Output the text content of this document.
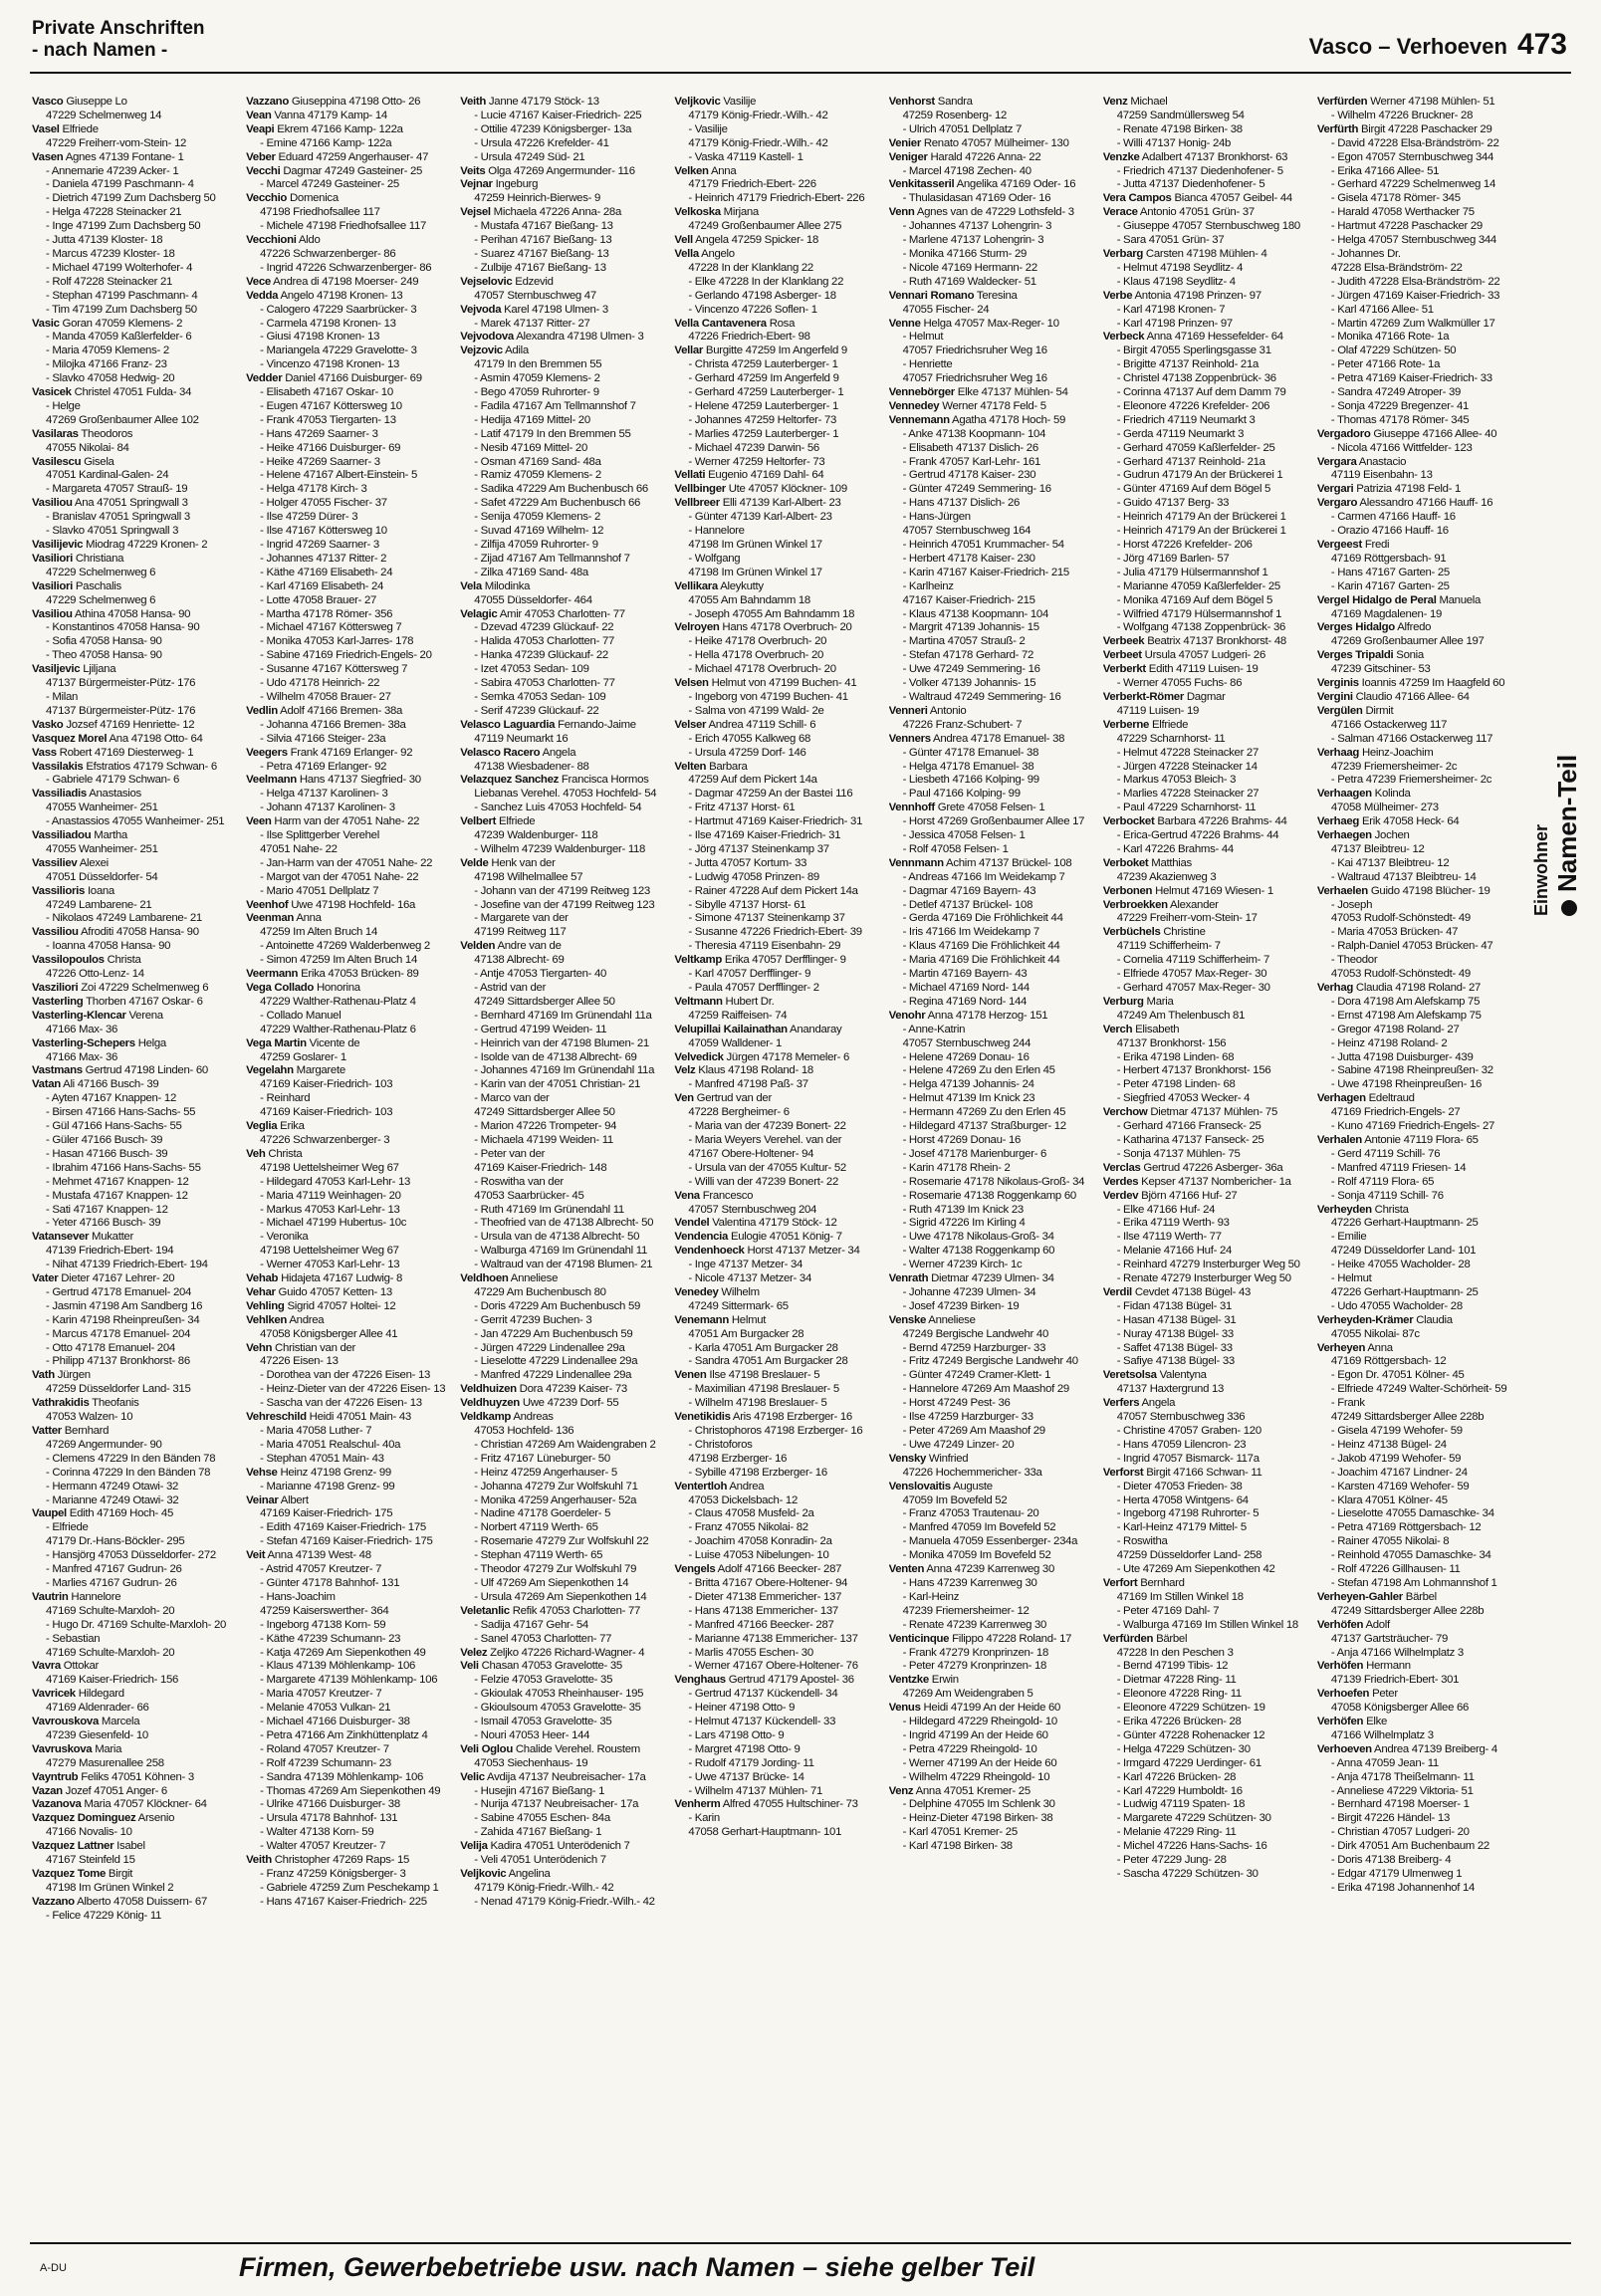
Private Anschriften
- nach Namen -	Vasco – Verhoeven 473
Vasco Giuseppe Lo
47229 Schelmenweg 14
Vasel Elfriede
47229 Freiherr-vom-Stein- 12
Vasen Agnes 47139 Fontane- 1
- Annemarie 47239 Acker- 1
- Daniela 47199 Paschmann- 4
- Dietrich 47199 Zum Dachsberg 50
- Helga 47228 Steinacker 21
- Inge 47199 Zum Dachsberg 50
- Jutta 47139 Kloster- 18
- Marcus 47239 Kloster- 18
- Michael 47199 Wolterhofer- 4
- Rolf 47228 Steinacker 21
- Stephan 47199 Paschmann- 4
- Tim 47199 Zum Dachsberg 50
Vasic Goran 47059 Klemens- 2
- Manda 47059 Kaßlerfelder- 6
- Maria 47059 Klemens- 2
- Milojka 47166 Franz- 23
- Slavko 47058 Hedwig- 20
Vasicek Christel 47051 Fulda- 34
- Helge
47269 Großenbaumer Allee 102
Vasilaras Theodoros
47055 Nikolai- 84
Vasilescu Gisela
47051 Kardinal-Galen- 24
- Margareta 47057 Strauß- 19
Vasiliou Ana 47051 Springwall 3
- Branislav 47051 Springwall 3
- Slavko 47051 Springwall 3
Vasilijevic Miodrag 47229 Kronen- 2
Vasiliori Christiana
47229 Schelmenweg 6
Vasiliori Paschalis
47229 Schelmenweg 6
Vasiliou Athina 47058 Hansa- 90
- Konstantinos 47058 Hansa- 90
- Sofia 47058 Hansa- 90
- Theo 47058 Hansa- 90
Vasiljevic Ljiljana
47137 Bürgermeister-Pütz- 176
- Milan
47137 Bürgermeister-Pütz- 176
Vasko Jozsef 47169 Henriette- 12
Vasquez Morel Ana 47198 Otto- 64
Vass Robert 47169 Diesterweg- 1
Vassilakis Efstratios 47179 Schwan- 6
- Gabriele 47179 Schwan- 6
Vassiliadis Anastasios
47055 Wanheimer- 251
- Anastassios 47055 Wanheimer- 251
Vassiliadou Martha
47055 Wanheimer- 251
Vassiliev Alexei
47051 Düsseldorfer- 54
Vassilioris Ioana
47249 Lambarene- 21
- Nikolaos 47249 Lambarene- 21
Vassiliou Afroditi 47058 Hansa- 90
- Ioanna 47058 Hansa- 90
Vassilopoulos Christa
47226 Otto-Lenz- 14
Vasziliori Zoi 47229 Schelmenweg 6
Vasterling Thorben 47167 Oskar- 6
Vasterling-Klencar Verena
47166 Max- 36
Vasterling-Schepers Helga
47166 Max- 36
Vastmans Gertrud 47198 Linden- 60
Vatan Ali 47166 Busch- 39
- Ayten 47167 Knappen- 12
- Birsen 47166 Hans-Sachs- 55
- Gül 47166 Hans-Sachs- 55
- Güler 47166 Busch- 39
- Hasan 47166 Busch- 39
- Ibrahim 47166 Hans-Sachs- 55
- Mehmet 47167 Knappen- 12
- Mustafa 47167 Knappen- 12
- Sati 47167 Knappen- 12
- Yeter 47166 Busch- 39
Vatansever Mukatter
47139 Friedrich-Ebert- 194
- Nihat 47139 Friedrich-Ebert- 194
Vater Dieter 47167 Lehrer- 20
- Gertrud 47178 Emanuel- 204
- Jasmin 47198 Am Sandberg 16
- Karin 47198 Rheinpreußen- 34
- Marcus 47178 Emanuel- 204
- Otto 47178 Emanuel- 204
- Philipp 47137 Bronkhorst- 86
Vath Jürgen
47259 Düsseldorfer Land- 315
Vathrakidis Theofanis
47053 Walzen- 10
Vatter Bernhard
47269 Angermunder- 90
- Clemens 47229 In den Bänden 78
- Corinna 47229 In den Bänden 78
- Hermann 47249 Otawi- 32
- Marianne 47249 Otawi- 32
Vaupel Edith 47169 Hoch- 45
- Elfriede
47179 Dr.-Hans-Böckler- 295
- Hansjörg 47053 Düsseldorfer- 272
- Manfred 47167 Gudrun- 26
- Marlies 47167 Gudrun- 26
Vautrin Hannelore
47169 Schulte-Marxloh- 20
- Hugo Dr. 47169 Schulte-Marxloh- 20
- Sebastian
47169 Schulte-Marxloh- 20
Vavra Ottokar
47169 Kaiser-Friedrich- 156
Vavricek Hildegard
47169 Aldenrader- 66
Vavrouskova Marcela
47239 Giesenfeld- 10
Vavruskova Maria
47279 Masurenallee 258
Vayntrub Feliks 47051 Köhnen- 3
Vazan Jozef 47051 Anger- 6
Vazanova Maria 47057 Klöckner- 64
Vazquez Dominguez Arsenio
47166 Novalis- 10
Vazquez Lattner Isabel
47167 Steinfeld 15
Vazquez Tome Birgit
47198 Im Grünen Winkel 2
Vazzano Alberto 47058 Duissern- 67
- Felice 47229 König- 11
Vazzano Giuseppina 47198 Otto- 26
Vean Vanna 47179 Kamp- 14
Veapi Ekrem 47166 Kamp- 122a
- Emine 47166 Kamp- 122a
Veber Eduard 47259 Angerhauser- 47
Vecchi Dagmar 47249 Gasteiner- 25
- Marcel 47249 Gasteiner- 25
Vecchio Domenica
47198 Friedhofsallee 117
- Michele 47198 Friedhofsallee 117
Vecchioni Aldo
47226 Schwarzenberger- 86
- Ingrid 47226 Schwarzenberger- 86
Vece Andrea di 47198 Moerser- 249
Vedda Angelo 47198 Kronen- 13
- Calogero 47229 Saarbrücker- 3
- Carmela 47198 Kronen- 13
- Giusi 47198 Kronen- 13
- Mariangela 47229 Gravelotte- 3
- Vincenzo 47198 Kronen- 13
Vedder Daniel 47166 Duisburger- 69
- Elisabeth 47167 Oskar- 10
- Eugen 47167 Köttersweg 10
- Frank 47053 Tiergarten- 13
- Hans 47269 Saarner- 3
- Heike 47166 Duisburger- 69
- Heike 47269 Saarner- 3
- Helene 47167 Albert-Einstein- 5
- Helga 47178 Kirch- 3
- Holger 47055 Fischer- 37
- Ilse 47259 Dürer- 3
- Ilse 47167 Köttersweg 10
- Ingrid 47269 Saarner- 3
- Johannes 47137 Ritter- 2
- Käthe 47169 Elisabeth- 24
- Karl 47169 Elisabeth- 24
- Lotte 47058 Brauer- 27
- Martha 47178 Römer- 356
- Michael 47167 Köttersweg 7
- Monika 47053 Karl-Jarres- 178
- Sabine 47169 Friedrich-Engels- 20
- Susanne 47167 Köttersweg 7
- Udo 47178 Heinrich- 22
- Wilhelm 47058 Brauer- 27
Vedlin Adolf 47166 Bremen- 38a
- Johanna 47166 Bremen- 38a
- Silvia 47166 Steiger- 23a
Veegers Frank 47169 Erlanger- 92
- Petra 47169 Erlanger- 92
Veelmann Hans 47137 Siegfried- 30
- Helga 47137 Karolinen- 3
- Johann 47137 Karolinen- 3
Veen Harm van der 47051 Nahe- 22
- Ilse Splittgerber Verehel
47051 Nahe- 22
- Jan-Harm van der 47051 Nahe- 22
- Margot van der 47051 Nahe- 22
- Mario 47051 Dellplatz 7
Veenhof Uwe 47198 Hochfeld- 16a
Veenman Anna
47259 Im Alten Bruch 14
- Antoinette 47269 Walderbenweg 2
- Simon 47259 Im Alten Bruch 14
Veermann Erika 47053 Brücken- 89
Vega Collado Honorina
47229 Walther-Rathenau-Platz 4
- Collado Manuel
47229 Walther-Rathenau-Platz 6
Vega Martin Vicente de
47259 Goslarer- 1
Vegelahn Margarete
47169 Kaiser-Friedrich- 103
- Reinhard
47169 Kaiser-Friedrich- 103
Veglia Erika
47226 Schwarzenberger- 3
Veh Christa
47198 Uettelsheimer Weg 67
- Hildegard 47053 Karl-Lehr- 13
- Maria 47119 Weinhagen- 20
- Markus 47053 Karl-Lehr- 13
- Michael 47199 Hubertus- 10c
- Veronika
47198 Uettelsheimer Weg 67
- Werner 47053 Karl-Lehr- 13
Vehab Hidajeta 47167 Ludwig- 8
Vehar Guido 47057 Ketten- 13
Vehling Sigrid 47057 Holtei- 12
Vehlken Andrea
47058 Königsberger Allee 41
Vehn Christian van der
47226 Eisen- 13
- Dorothea van der 47226 Eisen- 13
- Heinz-Dieter van der 47226 Eisen- 13
- Sascha van der 47226 Eisen- 13
Vehreschild Heidi 47051 Main- 43
- Maria 47058 Luther- 7
- Maria 47051 Realschul- 40a
- Stephan 47051 Main- 43
Vehse Heinz 47198 Grenz- 99
- Marianne 47198 Grenz- 99
Veinar Albert
47169 Kaiser-Friedrich- 175
- Edith 47169 Kaiser-Friedrich- 175
- Stefan 47169 Kaiser-Friedrich- 175
Veit Anna 47139 West- 48
- Astrid 47057 Kreutzer- 7
- Günter 47178 Bahnhof- 131
- Hans-Joachim
47259 Kaiserswerther- 364
- Ingeborg 47138 Korn- 59
- Käthe 47239 Schumann- 23
- Katja 47269 Am Siepenkothen 49
- Klaus 47139 Möhlenkamp- 106
- Margarete 47139 Möhlenkamp- 106
- Maria 47057 Kreutzer- 7
- Melanie 47053 Vulkan- 21
- Michael 47166 Duisburger- 38
- Petra 47166 Am Zinkhüttenplatz 4
- Roland 47057 Kreutzer- 7
- Rolf 47239 Schumann- 23
- Sandra 47139 Möhlenkamp- 106
- Thomas 47269 Am Siepenkothen 49
- Ulrike 47166 Duisburger- 38
- Ursula 47178 Bahnhof- 131
- Walter 47138 Korn- 59
- Walter 47057 Kreutzer- 7
Veith Christopher 47269 Raps- 15
- Franz 47259 Königsberger- 3
- Gabriele 47259 Zum Peschekamp 1
- Hans 47167 Kaiser-Friedrich- 225
Veith Janne 47179 Stöck- 13
- Lucie 47167 Kaiser-Friedrich- 225
- Ottilie 47239 Königsberger- 13a
- Ursula 47226 Krefelder- 41
- Ursula 47249 Süd- 21
Veits Olga 47269 Angermunder- 116
Vejnar Ingeburg
47259 Heinrich-Bierwes- 9
Vejsel Michaela 47226 Anna- 28a
- Mustafa 47167 Bießang- 13
- Perihan 47167 Bießang- 13
- Suarez 47167 Bießang- 13
- Zulbije 47167 Bießang- 13
Vejselovic Edzevid
47057 Sternbuschweg 47
Vejvoda Karel 47198 Ulmen- 3
- Marek 47137 Ritter- 27
Vejvodova Alexandra 47198 Ulmen- 3
Vejzovic Adila
47179 In den Bremmen 55
- Asmin 47059 Klemens- 2
- Bego 47059 Ruhrorter- 9
- Fadila 47167 Am Tellmannshof 7
- Hedija 47169 Mittel- 20
- Latif 47179 In den Bremmen 55
- Nesib 47169 Mittel- 20
- Osman 47169 Sand- 48a
- Ramiz 47059 Klemens- 2
- Sadika 47229 Am Buchenbusch 66
- Safet 47229 Am Buchenbusch 66
- Senija 47059 Klemens- 2
- Suvad 47169 Wilhelm- 12
- Zilfija 47059 Ruhrorter- 9
- Zijad 47167 Am Tellmannshof 7
- Zilka 47169 Sand- 48a
Vela Milodinka
47055 Düsseldorfer- 464
Velagic Amir 47053 Charlotten- 77
- Dzevad 47239 Glückauf- 22
- Halida 47053 Charlotten- 77
- Hanka 47239 Glückauf- 22
- Izet 47053 Sedan- 109
- Sabira 47053 Charlotten- 77
- Semka 47053 Sedan- 109
- Serif 47239 Glückauf- 22
Velasco Laguardia Fernando-Jaime
47119 Neumarkt 16
Velasco Racero Angela
47138 Wiesbadener- 88
Velazquez Sanchez Francisca Hormos
Liebanas Verehel. 47053 Hochfeld- 54
- Sanchez Luis 47053 Hochfeld- 54
Velbert Elfriede
47239 Waldenburger- 118
- Wilhelm 47239 Waldenburger- 118
Velde Henk van der
47198 Wilhelmallee 57
- Johann van der 47199 Reitweg 123
- Josefine van der 47199 Reitweg 123
- Margarete van der
47199 Reitweg 117
Velden Andre van de
47138 Albrecht- 69
- Antje 47053 Tiergarten- 40
- Astrid van der
47249 Sittardsberger Allee 50
- Bernhard 47169 Im Grünendahl 11a
- Gertrud 47199 Weiden- 11
- Heinrich van der 47198 Blumen- 21
- Isolde van de 47138 Albrecht- 69
- Johannes 47169 Im Grünendahl 11a
- Karin van der 47051 Christian- 21
- Marco van der
47249 Sittardsberger Allee 50
- Marion 47226 Trompeter- 94
- Michaela 47199 Weiden- 11
- Peter van der
47169 Kaiser-Friedrich- 148
- Roswitha van der
47053 Saarbrücker- 45
- Ruth 47169 Im Grünendahl 11
- Theofried van de 47138 Albrecht- 50
- Ursula van de 47138 Albrecht- 50
- Walburga 47169 Im Grünendahl 11
- Waltraud van der 47198 Blumen- 21
Veldhoen Anneliese
47229 Am Buchenbusch 80
- Doris 47229 Am Buchenbusch 59
- Gerrit 47239 Buchen- 3
- Jan 47229 Am Buchenbusch 59
- Jürgen 47229 Lindenallee 29a
- Lieselotte 47229 Lindenallee 29a
- Manfred 47229 Lindenallee 29a
Veldhuizen Dora 47239 Kaiser- 73
Veldhuyzen Uwe 47239 Dorf- 55
Veldkamp Andreas
47053 Hochfeld- 136
- Christian 47269 Am Waidengraben 2
- Fritz 47167 Lüneburger- 50
- Heinz 47259 Angerhauser- 5
- Johanna 47279 Zur Wolfskuhl 71
- Monika 47259 Angerhauser- 52a
- Nadine 47178 Goerdeler- 5
- Norbert 47119 Werth- 65
- Rosemarie 47279 Zur Wolfskuhl 22
- Stephan 47119 Werth- 65
- Theodor 47279 Zur Wolfskuhl 79
- Ulf 47269 Am Siepenkothen 14
- Ursula 47269 Am Siepenkothen 14
Veletanlic Refik 47053 Charlotten- 77
- Sadija 47167 Gehr- 54
- Sanel 47053 Charlotten- 77
Velez Zeljko 47226 Richard-Wagner- 4
Veli Chasan 47053 Gravelotte- 35
- Felzie 47053 Gravelotte- 35
- Gkioulak 47053 Rheinhauser- 195
- Gkioulsoum 47053 Gravelotte- 35
- Ismail 47053 Gravelotte- 35
- Nouri 47053 Heer- 144
Veli Oglou Chalide Verehel. Roustem
47053 Siechenhaus- 19
Velic Avdija 47137 Neubreisacher- 17a
- Husejin 47167 Bießang- 1
- Nurija 47137 Neubreisacher- 17a
- Sabine 47055 Eschen- 84a
- Zahida 47167 Bießang- 1
Velija Kadira 47051 Unterödenich 7
- Veli 47051 Unterödenich 7
Veljkovic Angelina
47179 König-Friedr.-Wilh.- 42
- Nenad 47179 König-Friedr.-Wilh.- 42
Veljkovic Vasilije
47179 König-Friedr.-Wilh.- 42
- Vasilije
47179 König-Friedr.-Wilh.- 42
- Vaska 47119 Kastell- 1
Velken Anna
47179 Friedrich-Ebert- 226
- Heinrich 47179 Friedrich-Ebert- 226
Velkoska Mirjana
47249 Großenbaumer Allee 275
Vell Angela 47259 Spicker- 18
Vella Angelo
47228 In der Klanklang 22
- Elke 47228 In der Klanklang 22
- Gerlando 47198 Asberger- 18
- Vincenzo 47226 Soflen- 1
Vella Cantavenera Rosa
47226 Friedrich-Ebert- 98
Vellar Burgitte 47259 Im Angerfeld 9
- Christa 47259 Lauterberger- 1
- Gerhard 47259 Im Angerfeld 9
- Gerhard 47259 Lauterberger- 1
- Helene 47259 Lauterberger- 1
- Johannes 47259 Heltorfer- 73
- Marlies 47259 Lauterberger- 1
- Michael 47239 Darwin- 56
- Werner 47259 Heltorfer- 73
Vellati Eugenio 47169 Dahl- 64
Vellbinger Ute 47057 Klöckner- 109
Vellbreer Elli 47139 Karl-Albert- 23
- Günter 47139 Karl-Albert- 23
- Hannelore
47198 Im Grünen Winkel 17
- Wolfgang
47198 Im Grünen Winkel 17
Vellikara Aleykutty
47055 Am Bahndamm 18
- Joseph 47055 Am Bahndamm 18
Velroyen Hans 47178 Overbruch- 20
- Heike 47178 Overbruch- 20
- Hella 47178 Overbruch- 20
- Michael 47178 Overbruch- 20
Velsen Helmut von 47199 Buchen- 41
- Ingeborg von 47199 Buchen- 41
- Salma von 47199 Wald- 2e
Velser Andrea 47119 Schill- 6
- Erich 47055 Kalkweg 68
- Ursula 47259 Dorf- 146
Velten Barbara
47259 Auf dem Pickert 14a
- Dagmar 47259 An der Bastei 116
- Fritz 47137 Horst- 61
- Hartmut 47169 Kaiser-Friedrich- 31
- Ilse 47169 Kaiser-Friedrich- 31
- Jörg 47137 Steinenkamp 37
- Jutta 47057 Kortum- 33
- Ludwig 47058 Prinzen- 89
- Rainer 47228 Auf dem Pickert 14a
- Sibylle 47137 Horst- 61
- Simone 47137 Steinenkamp 37
- Susanne 47226 Friedrich-Ebert- 39
- Theresia 47119 Eisenbahn- 29
Veltkamp Erika 47057 Derfflinger- 9
- Karl 47057 Derfflinger- 9
- Paula 47057 Derfflinger- 2
Veltmann Hubert Dr.
47259 Raiffeisen- 74
Velupillai Kailainathan Anandaray
47059 Walldener- 1
Velvedick Jürgen 47178 Memeler- 6
Velz Klaus 47198 Roland- 18
- Manfred 47198 Paß- 37
Ven Gertrud van der
47228 Bergheimer- 6
- Maria van der 47239 Bonert- 22
- Maria Weyers Verehel. van der
47167 Obere-Holtener- 94
- Ursula van der 47055 Kultur- 52
- Willi van der 47239 Bonert- 22
Vena Francesco
47057 Sternbuschweg 204
Vendel Valentina 47179 Stöck- 12
Vendencia Eulogie 47051 König- 7
Vendenhoeck Horst 47137 Metzer- 34
- Inge 47137 Metzer- 34
- Nicole 47137 Metzer- 34
Venedey Wilhelm
47249 Sittermark- 65
Venemann Helmut
47051 Am Burgacker 28
- Karla 47051 Am Burgacker 28
- Sandra 47051 Am Burgacker 28
Venen Ilse 47198 Breslauer- 5
- Maximilian 47198 Breslauer- 5
- Wilhelm 47198 Breslauer- 5
Venetikidis Aris 47198 Erzberger- 16
- Christophoros 47198 Erzberger- 16
- Christoforos
47198 Erzberger- 16
- Sybille 47198 Erzberger- 16
Ventertloh Andrea
47053 Dickelsbach- 12
- Claus 47058 Musfeld- 2a
- Franz 47055 Nikolai- 82
- Joachim 47058 Konradin- 2a
- Luise 47053 Nibelungen- 10
Vengels Adolf 47166 Beecker- 287
- Britta 47167 Obere-Holtener- 94
- Dieter 47138 Emmericher- 137
- Hans 47138 Emmericher- 137
- Manfred 47166 Beecker- 287
- Marianne 47138 Emmericher- 137
- Marlis 47055 Eschen- 30
- Werner 47167 Obere-Holtener- 76
Venghaus Gertrud 47179 Apostel- 36
- Gertrud 47137 Kückendell- 34
- Heiner 47198 Otto- 9
- Helmut 47137 Kückendell- 33
- Lars 47198 Otto- 9
- Margret 47198 Otto- 9
- Rudolf 47179 Jording- 11
- Uwe 47137 Brücke- 14
- Wilhelm 47137 Mühlen- 71
Venherm Alfred 47055 Hultschiner- 73
- Karin
47058 Gerhart-Hauptmann- 101
Venhorst Sandra
47259 Rosenberg- 12
- Ulrich 47051 Dellplatz 7
Venier Renato 47057 Mülheimer- 130
Veniger Harald 47226 Anna- 22
- Marcel 47198 Zechen- 40
Venkitasseril Angelika 47169 Oder- 16
- Thulasidasan 47169 Oder- 16
Venn Agnes van de 47229 Lothsfeld- 3
- Johannes 47137 Lohengrin- 3
- Marlene 47137 Lohengrin- 3
- Monika 47166 Sturm- 29
- Nicole 47169 Hermann- 22
- Ruth 47169 Waldecker- 51
Vennari Romano Teresina
47055 Fischer- 24
Venne Helga 47057 Max-Reger- 10
- Helmut
47057 Friedrichsruher Weg 16
- Henriette
47057 Friedrichsruher Weg 16
Vennebörger Elke 47137 Mühlen- 54
Vennedey Werner 47178 Feld- 5
Vennemann Agatha 47178 Hoch- 59
- Anke 47138 Koopmann- 104
- Elisabeth 47137 Dislich- 26
- Frank 47057 Karl-Lehr- 161
- Gertrud 47178 Kaiser- 230
- Günter 47249 Semmering- 16
- Hans 47137 Dislich- 26
- Hans-Jürgen
47057 Sternbuschweg 164
- Heinrich 47051 Krummacher- 54
- Herbert 47178 Kaiser- 230
- Karin 47167 Kaiser-Friedrich- 215
- Karlheinz
47167 Kaiser-Friedrich- 215
- Klaus 47138 Koopmann- 104
- Margrit 47139 Johannis- 15
- Martina 47057 Strauß- 2
- Stefan 47178 Gerhard- 72
- Uwe 47249 Semmering- 16
- Volker 47139 Johannis- 15
- Waltraud 47249 Semmering- 16
Venneri Antonio
47226 Franz-Schubert- 7
Venners Andrea 47178 Emanuel- 38
- Günter 47178 Emanuel- 38
- Helga 47178 Emanuel- 38
- Liesbeth 47166 Kolping- 99
- Paul 47166 Kolping- 99
Vennhoff Grete 47058 Felsen- 1
- Horst 47269 Großenbaumer Allee 17
- Jessica 47058 Felsen- 1
- Rolf 47058 Felsen- 1
Vennmann Achim 47137 Brückel- 108
- Andreas 47166 Im Weidekamp 7
- Dagmar 47169 Bayern- 43
- Detlef 47137 Brückel- 108
- Gerda 47169 Die Fröhlichkeit 44
- Iris 47166 Im Weidekamp 7
- Klaus 47169 Die Fröhlichkeit 44
- Maria 47169 Die Fröhlichkeit 44
- Martin 47169 Bayern- 43
- Michael 47169 Nord- 144
- Regina 47169 Nord- 144
Venohr Anna 47178 Herzog- 151
- Anne-Katrin
47057 Sternbuschweg 244
- Helene 47269 Donau- 16
- Helene 47269 Zu den Erlen 45
- Helga 47139 Johannis- 24
- Helmut 47139 Im Knick 23
- Hermann 47269 Zu den Erlen 45
- Hildegard 47137 Straßburger- 12
- Horst 47269 Donau- 16
- Josef 47178 Marienburger- 6
- Karin 47178 Rhein- 2
- Rosemarie 47178 Nikolaus-Groß- 34
- Rosemarie 47138 Roggenkamp 60
- Ruth 47139 Im Knick 23
- Sigrid 47226 Im Kirling 4
- Uwe 47178 Nikolaus-Groß- 34
- Walter 47138 Roggenkamp 60
- Werner 47239 Kirch- 1c
Venrath Dietmar 47239 Ulmen- 34
- Johanne 47239 Ulmen- 34
- Josef 47239 Birken- 19
Venske Anneliese
47249 Bergische Landwehr 40
- Bernd 47259 Harzburger- 33
- Fritz 47249 Bergische Landwehr 40
- Günter 47249 Cramer-Klett- 1
- Hannelore 47269 Am Maashof 29
- Horst 47249 Pest- 36
- Ilse 47259 Harzburger- 33
- Peter 47269 Am Maashof 29
- Uwe 47249 Linzer- 20
Vensky Winfried
47226 Hochemmericher- 33a
Venslovaitis Auguste
47059 Im Bovefeld 52
- Franz 47053 Trautenau- 20
- Manfred 47059 Im Bovefeld 52
- Manuela 47059 Essenberger- 234a
- Monika 47059 Im Bovefeld 52
Venten Anna 47239 Karrenweg 30
- Hans 47239 Karrenweg 30
- Karl-Heinz
47239 Friemersheimer- 12
- Renate 47239 Karrenweg 30
Venticinque Filippo 47228 Roland- 17
- Frank 47279 Kronprinzen- 18
- Peter 47279 Kronprinzen- 18
Ventzke Erwin
47269 Am Weidengraben 5
Venus Heidi 47199 An der Heide 60
- Hildegard 47229 Rheingold- 10
- Ingrid 47199 An der Heide 60
- Petra 47229 Rheingold- 10
- Werner 47199 An der Heide 60
- Wilhelm 47229 Rheingold- 10
Venz Anna 47051 Kremer- 25
- Delphine 47055 Im Schlenk 30
- Heinz-Dieter 47198 Birken- 38
- Karl 47051 Kremer- 25
- Karl 47198 Birken- 38
Venz Michael
47259 Sandmüllersweg 54
- Renate 47198 Birken- 38
- Willi 47137 Honig- 24b
Venzke Adalbert 47137 Bronkhorst- 63
- Friedrich 47137 Diedenhofener- 5
- Jutta 47137 Diedenhofener- 5
Vera Campos Bianca 47057 Geibel- 44
Verace Antonio 47051 Grün- 37
- Giuseppe 47057 Sternbuschweg 180
- Sara 47051 Grün- 37
Verbarg Carsten 47198 Mühlen- 4
- Helmut 47198 Seydlitz- 4
- Klaus 47198 Seydlitz- 4
Verbe Antonia 47198 Prinzen- 97
- Karl 47198 Kronen- 7
- Karl 47198 Prinzen- 97
Verbeck Anna 47169 Hessefelder- 64
- Birgit 47055 Sperlingsgasse 31
- Brigitte 47137 Reinhold- 21a
- Christel 47138 Zoppenbrück- 36
- Corinna 47137 Auf dem Damm 79
- Eleonore 47226 Krefelder- 206
- Friedrich 47119 Neumarkt 3
- Gerda 47119 Neumarkt 3
- Gerhard 47059 Kaßlerfelder- 25
- Gerhard 47137 Reinhold- 21a
- Gudrun 47179 An der Brückerei 1
- Günter 47169 Auf dem Bögel 5
- Guido 47137 Berg- 33
- Heinrich 47179 An der Brückerei 1
- Heinrich 47179 An der Brückerei 1
- Horst 47226 Krefelder- 206
- Jörg 47169 Barlen- 57
- Julia 47179 Hülsermannshof 1
- Marianne 47059 Kaßlerfelder- 25
- Monika 47169 Auf dem Bögel 5
- Wilfried 47179 Hülsermannshof 1
- Wolfgang 47138 Zoppenbrück- 36
Verbeek Beatrix 47137 Bronkhorst- 48
Verbeet Ursula 47057 Ludgeri- 26
Verberkt Edith 47119 Luisen- 19
- Werner 47055 Fuchs- 86
Verberkt-Römer Dagmar
47119 Luisen- 19
Verberne Elfriede
47229 Scharnhorst- 11
- Helmut 47228 Steinacker 27
- Jürgen 47228 Steinacker 14
- Markus 47053 Bleich- 3
- Marlies 47228 Steinacker 27
- Paul 47229 Scharnhorst- 11
Verbocket Barbara 47226 Brahms- 44
- Erica-Gertrud 47226 Brahms- 44
- Karl 47226 Brahms- 44
Verboket Matthias
47239 Akazienweg 3
Verbonen Helmut 47169 Wiesen- 1
Verbroekken Alexander
47229 Freiherr-vom-Stein- 17
Verbüchels Christine
47119 Schifferheim- 7
- Cornelia 47119 Schifferheim- 7
- Elfriede 47057 Max-Reger- 30
- Gerhard 47057 Max-Reger- 30
Verburg Maria
47249 Am Thelenbusch 81
Verch Elisabeth
47137 Bronkhorst- 156
- Erika 47198 Linden- 68
- Herbert 47137 Bronkhorst- 156
- Peter 47198 Linden- 68
- Siegfried 47053 Wecker- 4
Verchow Dietmar 47137 Mühlen- 75
- Gerhard 47166 Franseck- 25
- Katharina 47137 Fanseck- 25
- Sonja 47137 Mühlen- 75
Verclas Gertrud 47226 Asberger- 36a
Verdes Kepser 47137 Nombericher- 1a
Verdev Björn 47166 Huf- 27
- Elke 47166 Huf- 24
- Erika 47119 Werth- 93
- Ilse 47119 Werth- 77
- Melanie 47166 Huf- 24
- Reinhard 47279 Insterburger Weg 50
- Renate 47279 Insterburger Weg 50
Verdil Cevdet 47138 Bügel- 43
- Fidan 47138 Bügel- 31
- Hasan 47138 Bügel- 31
- Nuray 47138 Bügel- 33
- Saffet 47138 Bügel- 33
- Safiye 47138 Bügel- 33
Veretsolsa Valentyna
47137 Haxtergrund 13
Verfers Angela
47057 Sternbuschweg 336
- Christine 47057 Graben- 120
- Hans 47059 Lilencron- 23
- Ingrid 47057 Bismarck- 117a
Verforst Birgit 47166 Schwan- 11
- Dieter 47053 Frieden- 38
- Herta 47058 Wintgens- 64
- Ingeborg 47198 Ruhrorter- 5
- Karl-Heinz 47179 Mittel- 5
- Roswitha
47259 Düsseldorfer Land- 258
- Ute 47269 Am Siepenkothen 42
Verfort Bernhard
47169 Im Stillen Winkel 18
- Peter 47169 Dahl- 7
- Walburga 47169 Im Stillen Winkel 18
Verfürden Bärbel
47228 In den Peschen 3
- Bernd 47199 Tibis- 12
- Dietmar 47228 Ring- 11
- Eleonore 47228 Ring- 11
- Eleonore 47229 Schützen- 19
- Erika 47226 Brücken- 28
- Günter 47228 Rohenacker 12
- Helga 47229 Schützen- 30
- Irmgard 47229 Uerdinger- 61
- Karl 47226 Brücken- 28
- Karl 47229 Humboldt- 16
- Ludwig 47119 Spaten- 18
- Margarete 47229 Schützen- 30
- Melanie 47229 Ring- 11
- Michel 47226 Hans-Sachs- 16
- Peter 47229 Jung- 28
- Sascha 47229 Schützen- 30
Verfürden Werner 47198 Mühlen- 51
- Wilhelm 47226 Bruckner- 28
Verfürth Birgit 47228 Paschacker 29
- David 47228 Elsa-Brändström- 22
- Egon 47057 Sternbuschweg 344
- Erika 47166 Allee- 51
- Gerhard 47229 Schelmenweg 14
- Gisela 47178 Römer- 345
- Harald 47058 Werthacker 75
- Hartmut 47228 Paschacker 29
- Helga 47057 Sternbuschweg 344
- Johannes Dr.
47228 Elsa-Brändström- 22
- Judith 47228 Elsa-Brändström- 22
- Jürgen 47169 Kaiser-Friedrich- 33
- Karl 47166 Allee- 51
- Martin 47269 Zum Walkmüller 17
- Monika 47166 Rote- 1a
- Olaf 47229 Schützen- 50
- Peter 47166 Rote- 1a
- Petra 47169 Kaiser-Friedrich- 33
- Sandra 47249 Atroper- 39
- Sonja 47229 Bregenzer- 41
- Thomas 47178 Römer- 345
Vergadoro Giuseppe 47166 Allee- 40
- Nicola 47166 Wittfelder- 123
Vergara Anastacio
47119 Eisenbahn- 13
Vergari Patrizia 47198 Feld- 1
Vergaro Alessandro 47166 Hauff- 16
- Carmen 47166 Hauff- 16
- Orazio 47166 Hauff- 16
Vergeest Fredi
47169 Röttgersbach- 91
- Hans 47167 Garten- 25
- Karin 47167 Garten- 25
Vergel Hidalgo de Peral Manuela
47169 Magdalenen- 19
Verges Hidalgo Alfredo
47269 Großenbaumer Allee 197
Verges Tripaldi Sonia
47239 Gitschiner- 53
Verginis Ioannis 47259 Im Haagfeld 60
Vergini Claudio 47166 Allee- 64
Vergülen Dirmit
47166 Ostackerweg 117
- Salman 47166 Ostackerweg 117
Verhaag Heinz-Joachim
47239 Friemersheimer- 2c
- Petra 47239 Friemersheimer- 2c
Verhaagen Kolinda
47058 Mülheimer- 273
Verhaeg Erik 47058 Heck- 64
Verhaegen Jochen
47137 Bleibtreu- 12
- Kai 47137 Bleibtreu- 12
- Waltraud 47137 Bleibtreu- 14
Verhaelen Guido 47198 Blücher- 19
- Joseph
47053 Rudolf-Schönstedt- 49
- Maria 47053 Brücken- 47
- Ralph-Daniel 47053 Brücken- 47
- Theodor
47053 Rudolf-Schönstedt- 49
Verhag Claudia 47198 Roland- 27
- Dora 47198 Am Alefskamp 75
- Ernst 47198 Am Alefskamp 75
- Gregor 47198 Roland- 27
- Heinz 47198 Roland- 2
- Jutta 47198 Duisburger- 439
- Sabine 47198 Rheinpreußen- 32
- Uwe 47198 Rheinpreußen- 16
Verhagen Edeltraud
47169 Friedrich-Engels- 27
- Kuno 47169 Friedrich-Engels- 27
Verhalen Antonie 47119 Flora- 65
- Gerd 47119 Schill- 76
- Manfred 47119 Friesen- 14
- Rolf 47119 Flora- 65
- Sonja 47119 Schill- 76
Verheyden Christa
47226 Gerhart-Hauptmann- 25
- Emilie
47249 Düsseldorfer Land- 101
- Heike 47055 Wacholder- 28
- Helmut
47226 Gerhart-Hauptmann- 25
- Udo 47055 Wacholder- 28
Verheyden-Krämer Claudia
47055 Nikolai- 87c
Verheyen Anna
47169 Röttgersbach- 12
- Egon Dr. 47051 Kölner- 45
- Elfriede 47249 Walter-Schörheit- 59
- Frank
47249 Sittardsberger Allee 228b
- Gisela 47199 Wehofer- 59
- Heinz 47138 Bügel- 24
- Jakob 47199 Wehofer- 59
- Joachim 47167 Lindner- 24
- Karsten 47169 Wehofer- 59
- Klara 47051 Kölner- 45
- Lieselotte 47055 Damaschke- 34
- Petra 47169 Röttgersbach- 12
- Rainer 47055 Nikolai- 8
- Reinhold 47055 Damaschke- 34
- Rolf 47226 Gillhausen- 11
- Stefan 47198 Am Lohmannshof 1
Verheyen-Gahler Bärbel
47249 Sittardsberger Allee 228b
Verhöfen Adolf
47137 Gartsträucher- 79
- Anja 47166 Wilhelmplatz 3
Verhöfen Hermann
47139 Friedrich-Ebert- 301
Verhoefen Peter
47058 Königsberger Allee 66
Verhöfen Elke
47166 Wilhelmplatz 3
Verhoeven Andrea 47139 Breiberg- 4
- Anna 47059 Jean- 11
- Anja 47178 Theißelmann- 11
- Anneliese 47229 Viktoria- 51
- Bernhard 47198 Moerser- 1
- Birgit 47226 Händel- 13
- Christian 47057 Ludgeri- 20
- Dirk 47051 Am Buchenbaum 22
- Doris 47138 Breiberg- 4
- Edgar 47179 Ulmenweg 1
- Erika 47198 Johannenhof 14
Einwohner Namen-Teil
A-DU	Firmen, Gewerbebetriebe usw. nach Namen – siehe gelber Teil
